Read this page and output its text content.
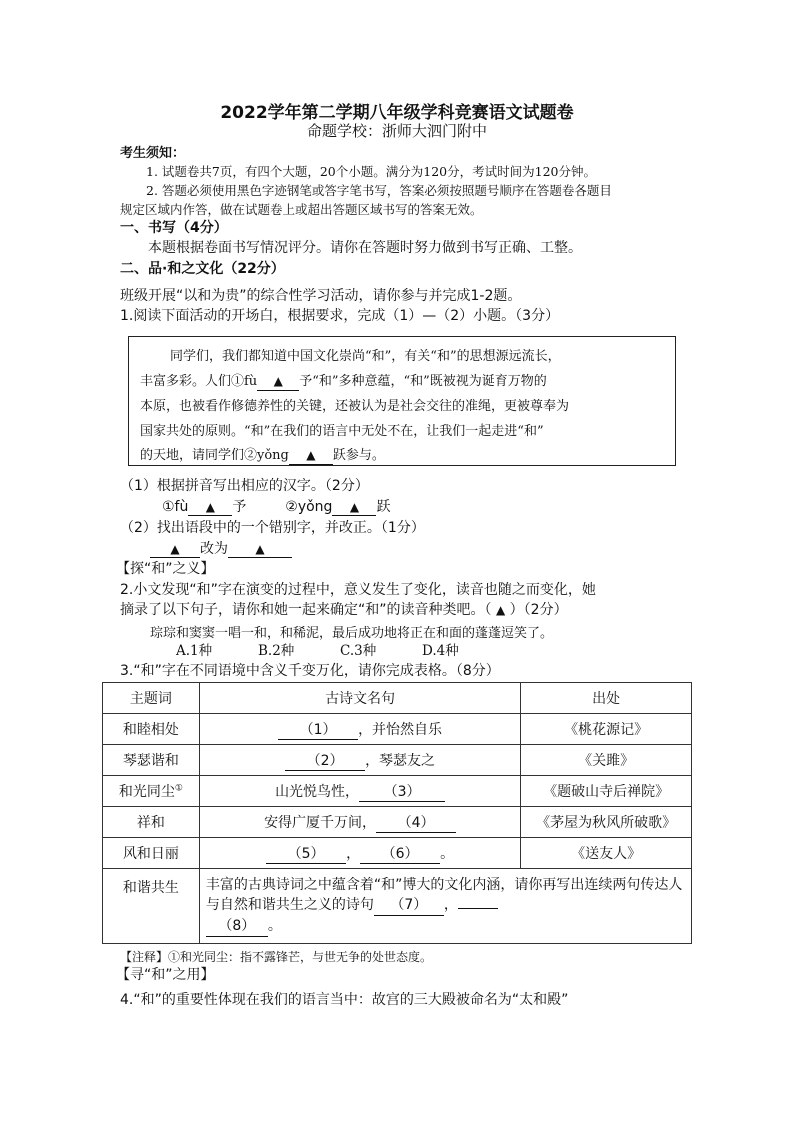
2022学年第二学期八年级学科竞赛语文试题卷
命题学校：浙师大泗门附中
考生须知：
1. 试题卷共7页，有四个大题，20个小题。满分为120分，考试时间为120分钟。
2. 答题必须使用黑色字迹钢笔或答字笔书写，答案必须按照题号顺序在答题卷各题目
规定区域内作答，做在试题卷上或超出答题区域书写的答案无效。
一、书写（4分）
本题根据卷面书写情况评分。请你在答题时努力做到书写正确、工整。
二、品·和之文化（22分）
班级开展“以和为贵”的综合性学习活动，请你参与并完成1-2题。
1.阅读下面活动的开场白，根据要求，完成（1）—（2）小题。（3分）
同学们，我们都知道中国文化崇尚“和”，有关“和”的思想源远流长，
丰富多彩。人们①fù ▲ 予“和”多种意蕴，“和”既被视为诞育万物的
本原，也被看作修德养性的关键，还被认为是社会交往的准绳，更被尊奉为
国家共处的原则。“和”在我们的语言中无处不在，让我们一起走进“和”
的天地，请同学们②yǒng ▲ 跃参与。
（1）根据拼音写出相应的汉字。（2分）
①fù ▲ 予	②yǒng ▲ 跃
（2）找出语段中的一个错别字，并改正。（1分）
▲ 改为 ▲
【探“和”之义】
2.小文发现“和”字在演变的过程中，意义发生了变化，读音也随之而变化，她
摘录了以下句子，请你和她一起来确定“和”的读音种类吧。（ ▲ ）（2分）
琮琮和窦窦一唱一和，和稀泥，最后成功地将正在和面的蓬蓬逗笑了。
A.1种	B.2种	C.3种	D.4种
3.“和”字在不同语境中含义千变万化，请你完成表格。（8分）
主题词	古诗文名句	出处
和睦相处	（1） ，并怡然自乐	《桃花源记》
琴瑟谐和	（2） ，琴瑟友之	《关雎》
和光同尘①	山光悦鸟性， （3）	《题破山寺后禅院》
祥和	安得广厦千万间， （4）	《茅屋为秋风所破歌》
风和日丽	（5） ， （6） 。	《送友人》
和谐共生	丰富的古典诗词之中蕴含着“和”博大的文化内涵，请你再写出连续两句传达人与自然和谐共生之义的诗句 （7） ，
（8） 。	
【注释】①和光同尘：指不露锋芒，与世无争的处世态度。
【寻“和”之用】
4.“和”的重要性体现在我们的语言当中：故宫的三大殿被命名为“太和殿”
